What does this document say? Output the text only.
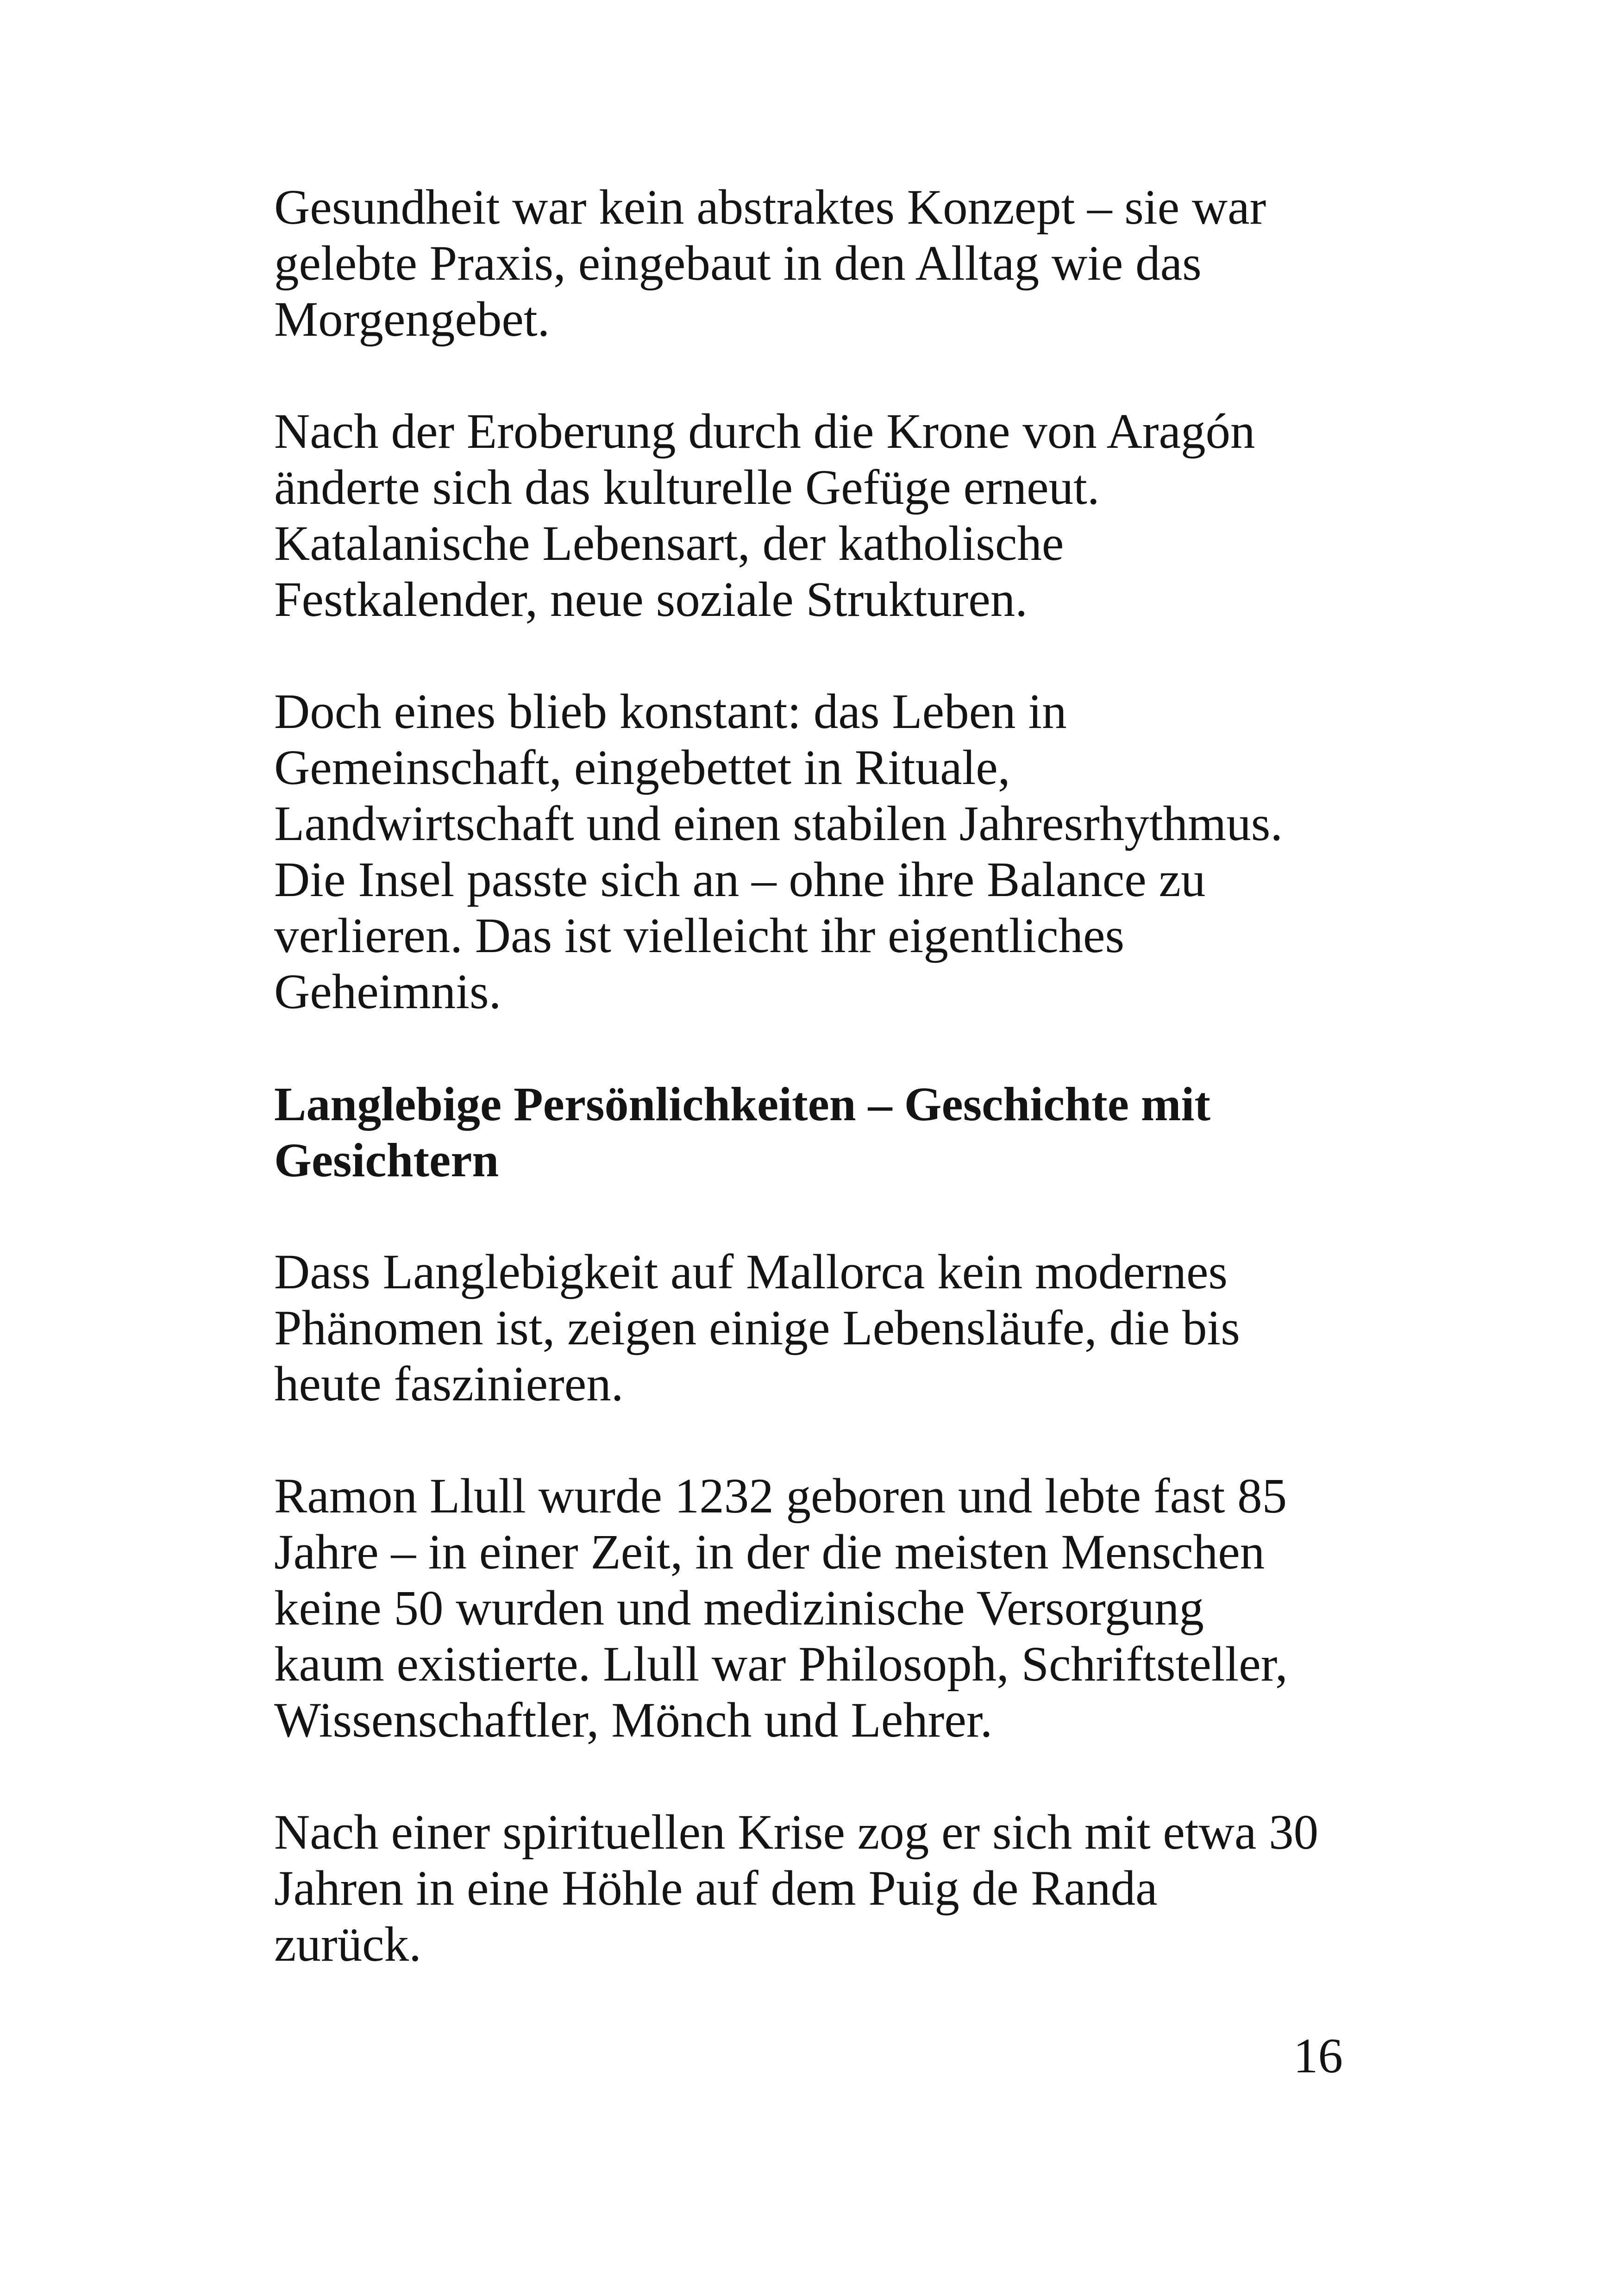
Gesundheit war kein abstraktes Konzept – sie war
gelebte Praxis, eingebaut in den Alltag wie das
Morgengebet.
Nach der Eroberung durch die Krone von Aragón
änderte sich das kulturelle Gefüge erneut.
Katalanische Lebensart, der katholische
Festkalender, neue soziale Strukturen.
Doch eines blieb konstant: das Leben in
Gemeinschaft, eingebettet in Rituale,
Landwirtschaft und einen stabilen Jahresrhythmus.
Die Insel passte sich an – ohne ihre Balance zu
verlieren. Das ist vielleicht ihr eigentliches
Geheimnis.
Langlebige Persönlichkeiten – Geschichte mit
Gesichtern
Dass Langlebigkeit auf Mallorca kein modernes
Phänomen ist, zeigen einige Lebensläufe, die bis
heute faszinieren.
Ramon Llull wurde 1232 geboren und lebte fast 85
Jahre – in einer Zeit, in der die meisten Menschen
keine 50 wurden und medizinische Versorgung
kaum existierte. Llull war Philosoph, Schriftsteller,
Wissenschaftler, Mönch und Lehrer.
Nach einer spirituellen Krise zog er sich mit etwa 30
Jahren in eine Höhle auf dem Puig de Randa
zurück.
16
